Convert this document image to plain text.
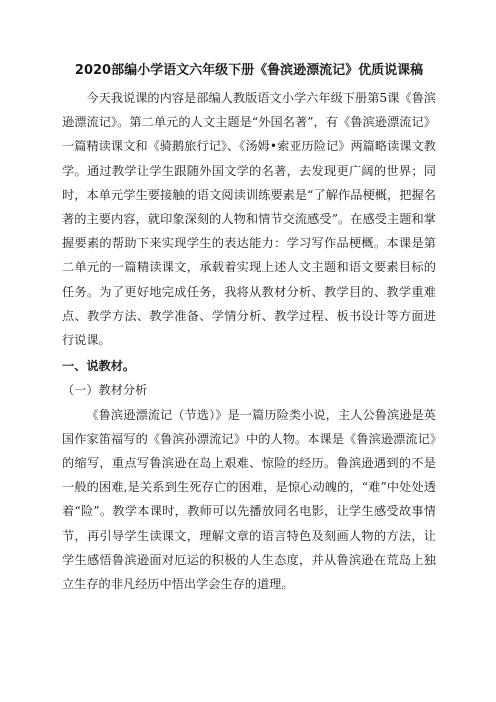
2020部编小学语文六年级下册《鲁滨逊漂流记》优质说课稿

今天我说课的内容是部编人教版语文小学六年级下册第5课《鲁滨逊漂流记》。第二单元的人文主题是“外国名著”，有《鲁滨逊漂流记》一篇精读课文和《骑鹅旅行记》、《汤姆•索亚历险记》两篇略读课文教学。通过教学让学生跟随外国文学的名著，去发现更广阔的世界；同时，本单元学生要接触的语文阅读训练要素是“了解作品梗概，把握名著的主要内容，就印象深刻的人物和情节交流感受”。在感受主题和掌握要素的帮助下来实现学生的表达能力：学习写作品梗概。本课是第二单元的一篇精读课文，承载着实现上述人文主题和语文要素目标的任务。为了更好地完成任务，我将从教材分析、教学目的、教学重难点、教学方法、教学准备、学情分析、教学过程、板书设计等方面进行说课。

一、说教材。
（一）教材分析

《鲁滨逊漂流记（节选）》是一篇历险类小说，主人公鲁滨逊是英国作家笛福写的《鲁滨孙漂流记》中的人物。本课是《鲁滨逊漂流记》的缩写，重点写鲁滨逊在岛上艰难、惊险的经历。鲁滨逊遇到的不是一般的困难,是关系到生死存亡的困难，是惊心动魄的，“难”中处处透着“险”。教学本课时，教师可以先播放同名电影，让学生感受故事情节，再引导学生读课文，理解文章的语言特色及刻画人物的方法，让学生感悟鲁滨逊面对厄运的积极的人生态度，并从鲁滨逊在荒岛上独立生存的非凡经历中悟出学会生存的道理。
